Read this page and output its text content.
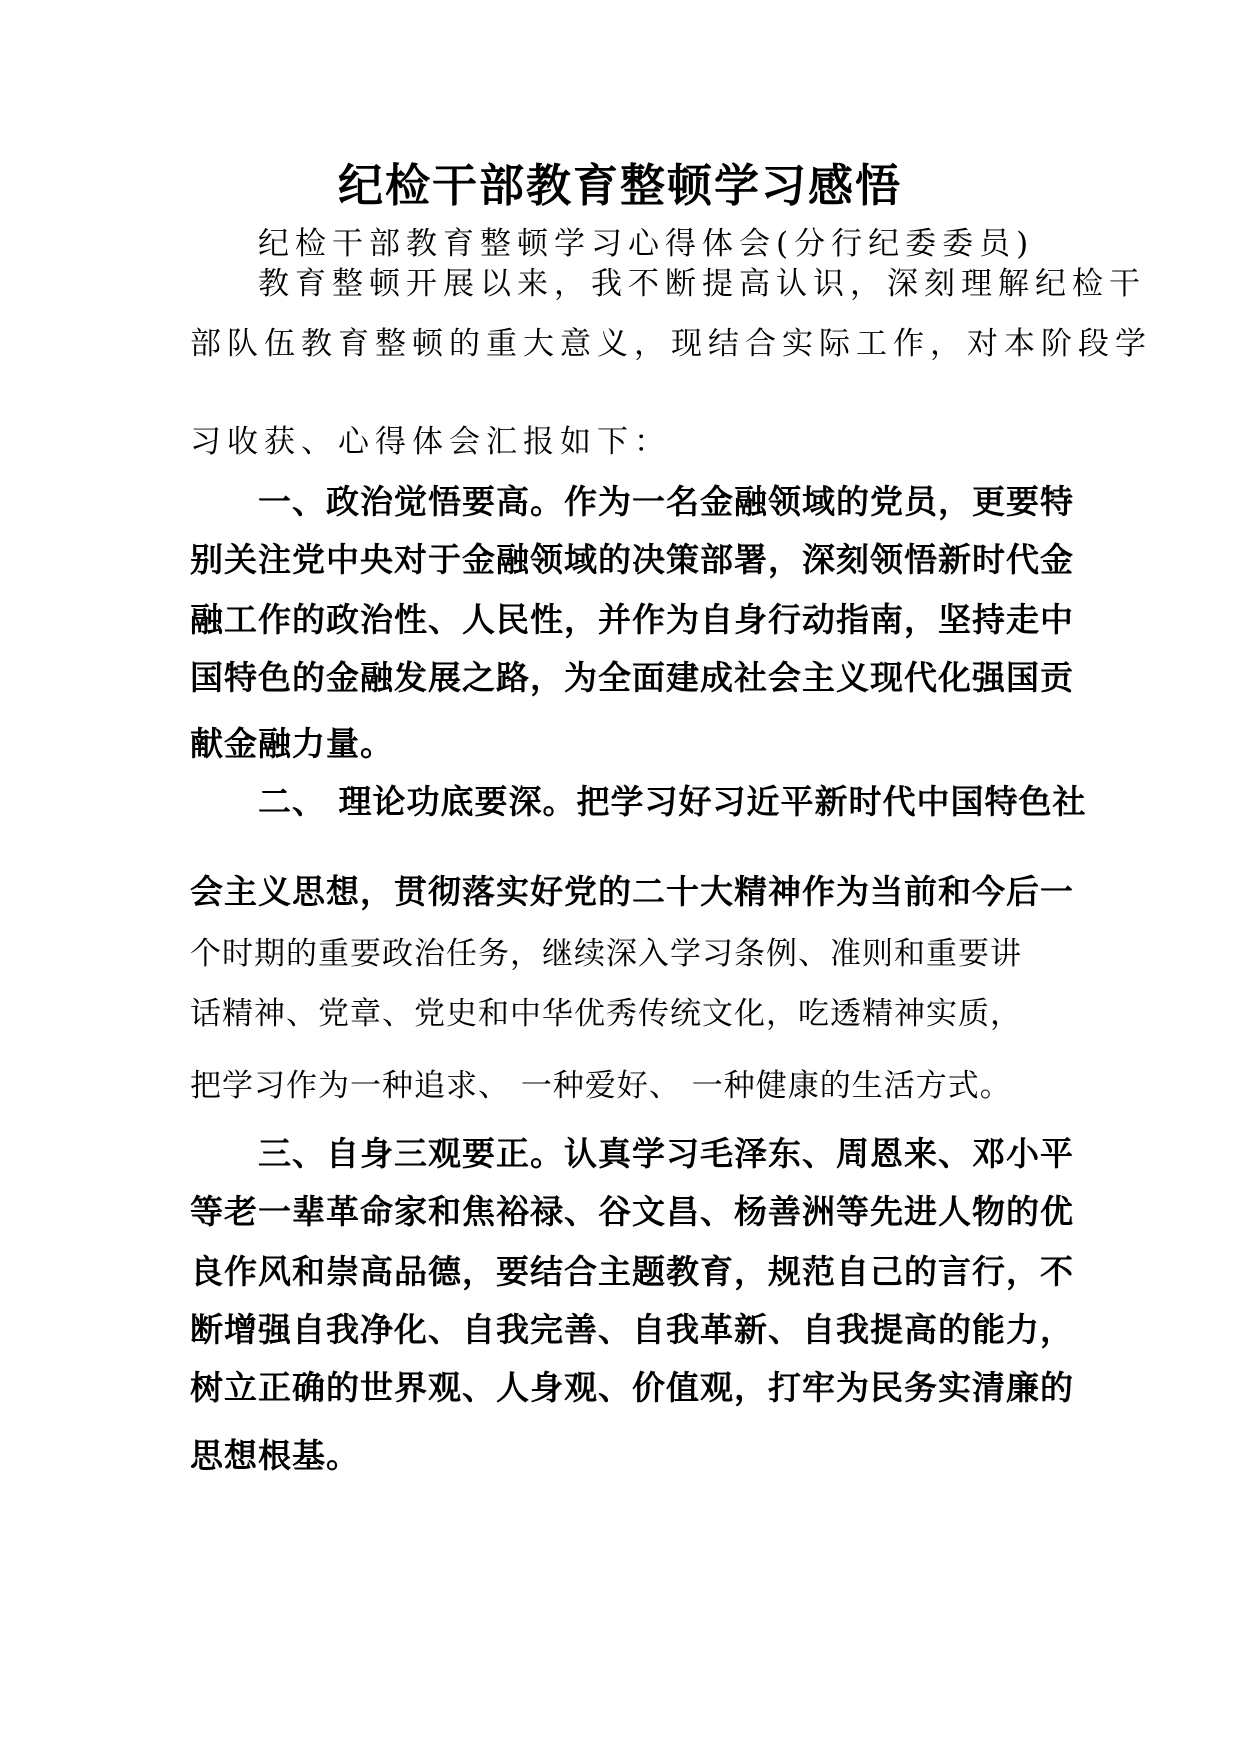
纪检干部教育整顿学习感悟

纪检干部教育整顿学习心得体会(分行纪委委员)

教育整顿开展以来，我不断提高认识，深刻理解纪检干

部队伍教育整顿的重大意义，现结合实际工作，对本阶段学

习收获、心得体会汇报如下：

一、政治觉悟要高。作为一名金融领域的党员，更要特

别关注党中央对于金融领域的决策部署，深刻领悟新时代金

融工作的政治性、人民性，并作为自身行动指南，坚持走中

国特色的金融发展之路，为全面建成社会主义现代化强国贡

献金融力量。

二、 理论功底要深。把学习好习近平新时代中国特色社

会主义思想，贯彻落实好党的二十大精神作为当前和今后一

个时期的重要政治任务，继续深入学习条例、准则和重要讲

话精神、党章、党史和中华优秀传统文化，吃透精神实质，

把学习作为一种追求、 一种爱好、 一种健康的生活方式。

三、自身三观要正。认真学习毛泽东、周恩来、邓小平

等老一辈革命家和焦裕禄、谷文昌、杨善洲等先进人物的优

良作风和崇高品德，要结合主题教育，规范自己的言行，不

断增强自我净化、自我完善、自我革新、自我提高的能力，

树立正确的世界观、人身观、价值观，打牢为民务实清廉的

思想根基。
